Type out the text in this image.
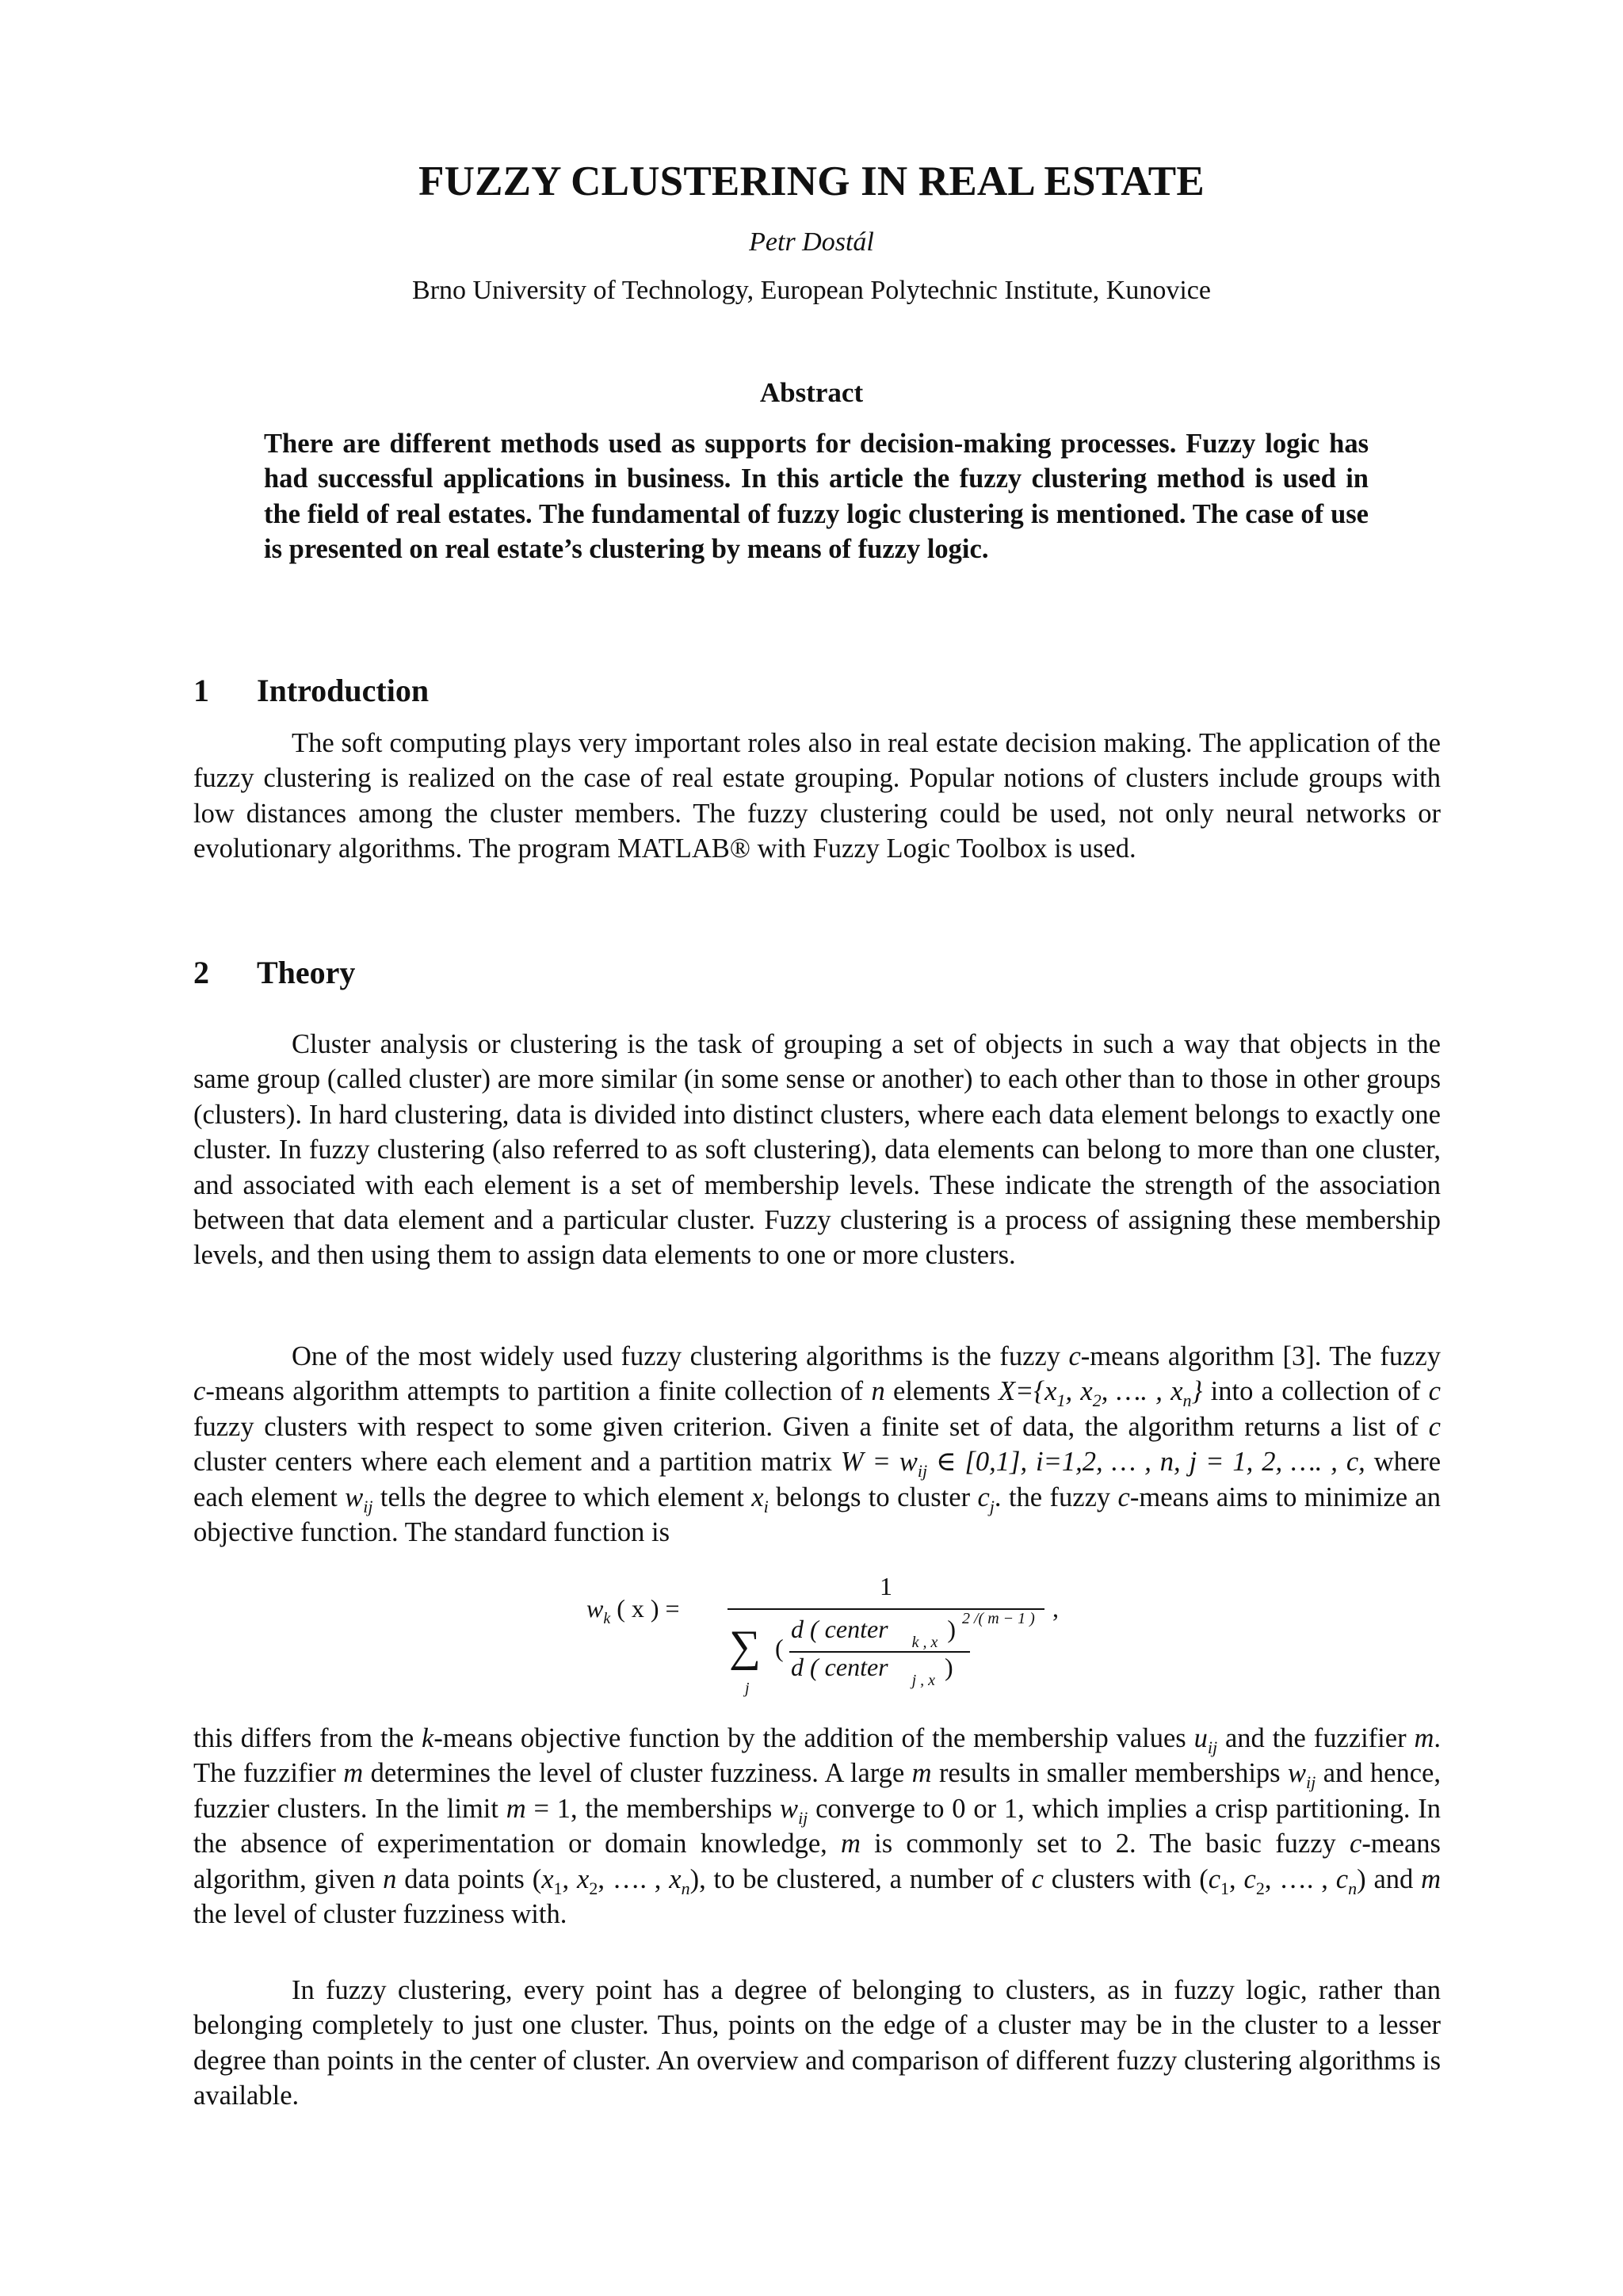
FUZZY CLUSTERING IN REAL ESTATE
Petr Dostál
Brno University of Technology, European Polytechnic Institute, Kunovice
Abstract

There are different methods used as supports for decision-making processes. Fuzzy logic has had successful applications in business. In this article the fuzzy clustering method is used in the field of real estates. The fundamental of fuzzy logic clustering is mentioned. The case of use is presented on real estate’s clustering by means of fuzzy logic.

1 Introduction

The soft computing plays very important roles also in real estate decision making. The application of the fuzzy clustering is realized on the case of real estate grouping. Popular notions of clusters include groups with low distances among the cluster members. The fuzzy clustering could be used, not only neural networks or evolutionary algorithms. The program MATLAB® with Fuzzy Logic Toolbox is used.

2 Theory

Cluster analysis or clustering is the task of grouping a set of objects in such a way that objects in the same group (called cluster) are more similar (in some sense or another) to each other than to those in other groups (clusters). In hard clustering, data is divided into distinct clusters, where each data element belongs to exactly one cluster. In fuzzy clustering (also referred to as soft clustering), data elements can belong to more than one cluster, and associated with each element is a set of membership levels. These indicate the strength of the association between that data element and a particular cluster. Fuzzy clustering is a process of assigning these membership levels, and then using them to assign data elements to one or more clusters.

One of the most widely used fuzzy clustering algorithms is the fuzzy c-means algorithm [3]. The fuzzy c-means algorithm attempts to partition a finite collection of n elements $X=\{x_1$, $x_2$, …. , $x_n$} into a collection of c fuzzy clusters with respect to some given criterion. Given a finite set of data, the algorithm returns a list of c cluster centers where each element and a partition matrix $W = w_{ij}$ ∈ [0,1], i=1,2, … , n, j = 1, 2, …. , c, where each element $w_{ij}$ tells the degree to which element $x_i$ belongs to cluster $c_j$. the fuzzy c-means aims to minimize an objective function. The standard function is

$w_k$ ( x ) =
1
∑
j
(
d ( center $_{k , x}$ )
d ( center $_{j , x}$ )
2 /( m − 1 ) ,

this differs from the k-means objective function by the addition of the membership values $u_{ij}$ and the fuzzifier m. The fuzzifier m determines the level of cluster fuzziness. A large m results in smaller memberships $w_{ij}$ and hence, fuzzier clusters. In the limit m = 1, the memberships $w_{ij}$ converge to 0 or 1, which implies a crisp partitioning. In the absence of experimentation or domain knowledge, m is commonly set to 2. The basic fuzzy c-means algorithm, given n data points ($x_1$, $x_2$, …. , $x_n$), to be clustered, a number of c clusters with ($c_1$, $c_2$, …. , $c_n$) and m the level of cluster fuzziness with.

In fuzzy clustering, every point has a degree of belonging to clusters, as in fuzzy logic, rather than belonging completely to just one cluster. Thus, points on the edge of a cluster may be in the cluster to a lesser degree than points in the center of cluster. An overview and comparison of different fuzzy clustering algorithms is available.
